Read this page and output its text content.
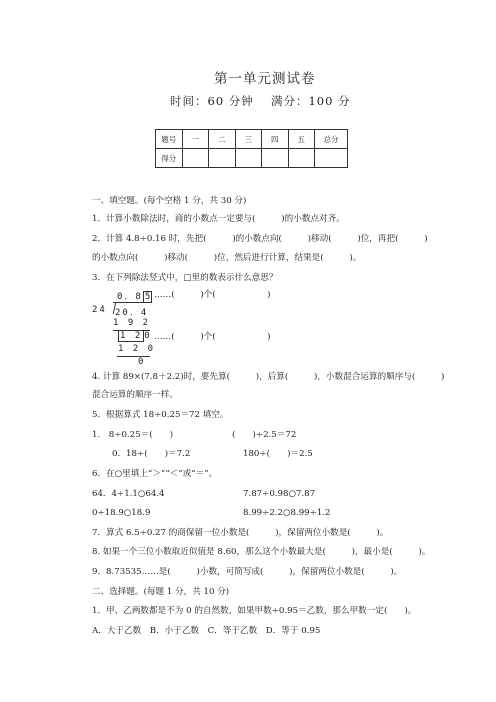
第一单元测试卷
时间：60 分钟　 满分：100 分
题号	一	二	三	四	五	总分
得分						
一、填空题。(每个空格 1 分，共 30 分)
1．计算小数除法时，商的小数点一定要与(　　　)的小数点对齐。
2．计算 4.8÷0.16 时，先把(　　　)的小数点向(　　　)移动(　　　)位，再把(　　　)
的小数点向(　　　)移动(　　　)位，然后进行计算，结果是(　　　)。
3．在下列除法竖式中，□里的数表示什么意思？
0．8 5 ……(　　　)个(　　　　　　)
24 20．4
1 9 2
1 2 0 ……(　　　)个(　　　　　　)
1 2 0
0
4. 计算 89×(7.8＋2.2)时，要先算(　　　)，后算(　　　)，小数混合运算的顺序与(　　　)
混合运算的顺序一样。
5．根据算式 18÷0.25＝72 填空。
1.　8÷0.25＝(　　)	(　　)÷2.5＝72
0．18÷(　　)＝7.2	180÷(　　)＝2.5
6．在○里填上“＞”“＜”或“＝”。
64．4÷1.1○64.4	7.87÷0.98○7.87
0÷18.9○18.9	8.99÷2.2○8.99÷1.2
7．算式 6.5÷0.27 的商保留一位小数是(　　　)，保留两位小数是(　　　)。
8. 如果一个三位小数取近似值是 8.60，那么这个小数最大是(　　　)，最小是(　　　)。
9．8.73535……是(　　　)小数，可简写成(　　　)，保留两位小数是(　　　)。
二、选择题。(每题 1 分，共 10 分)
1．甲、乙两数都是不为 0 的自然数，如果甲数÷0.95＝乙数，那么甲数一定(　　)。
A．大于乙数　B．小于乙数　C．等于乙数　D．等于 0.95
